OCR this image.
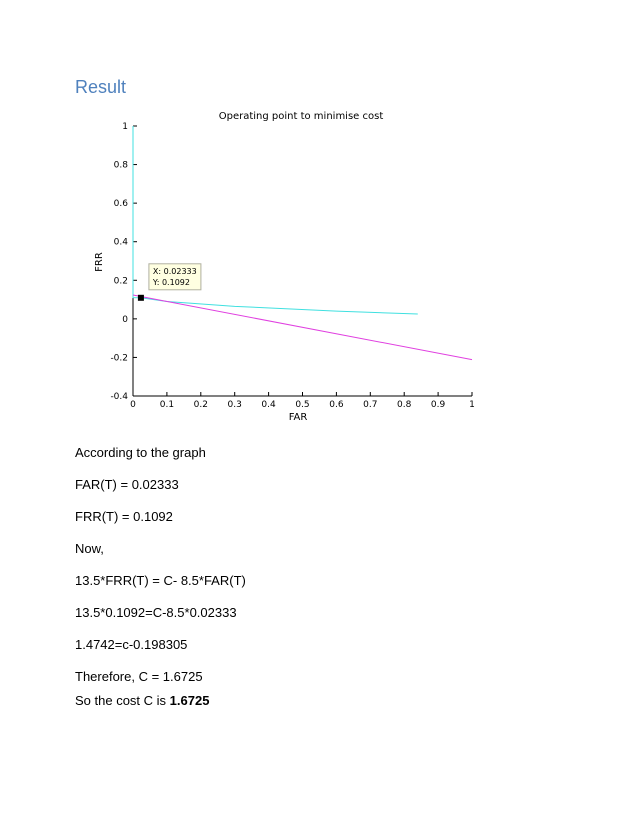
Result
Operating point to minimise cost
FAR
FRR
0	0.1 0.2 0.3 0.4 0.5 0.6 0.7 0.8 0.9	1
-0.4
-0.2
0
0.2
0.4
0.6
0.8
1
X: 0.02333
Y: 0.1092
According to the graph
FAR(T) = 0.02333
FRR(T) = 0.1092
Now,
13.5*FRR(T) = C- 8.5*FAR(T)
13.5*0.1092=C-8.5*0.02333
1.4742=c-0.198305
Therefore, C = 1.6725
So the cost C is 1.6725
